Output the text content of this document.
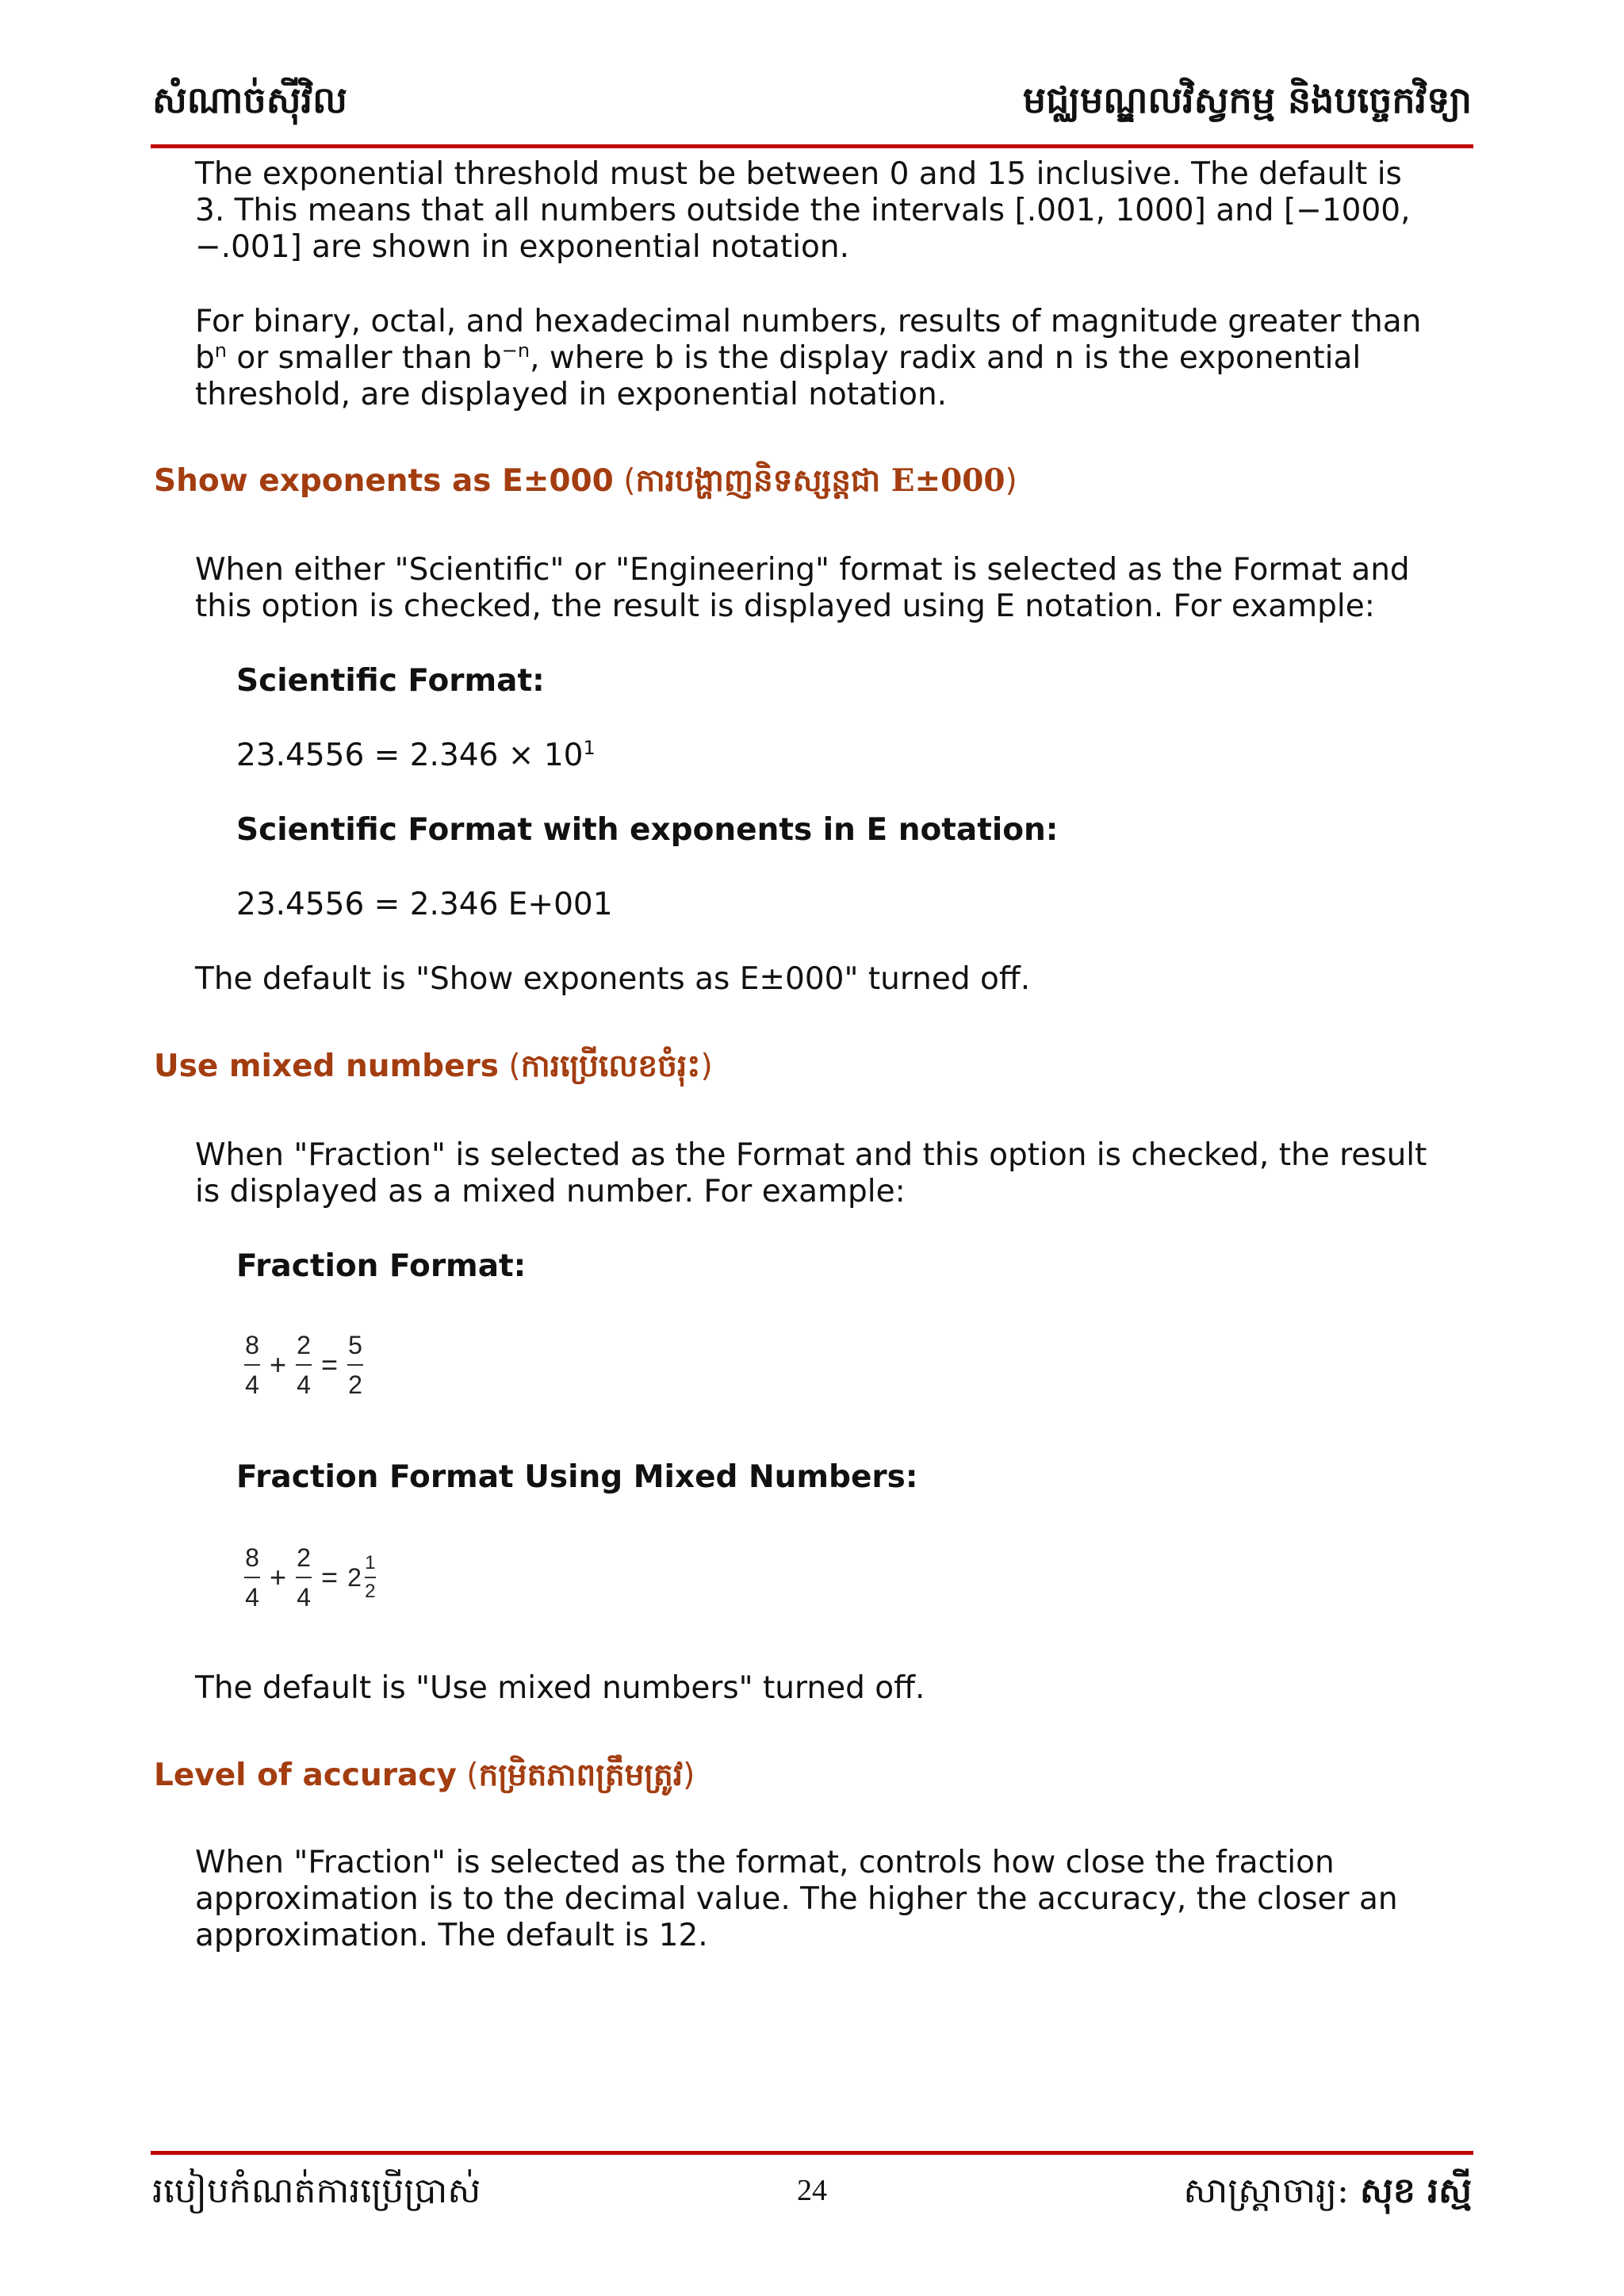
សំណាច់ស៊ីវិល	មជ្ឈមណ្ឌលវិស្វកម្ម និងបច្ចេកវិទ្យា

The exponential threshold must be between 0 and 15 inclusive. The default is 3. This means that all numbers outside the intervals [.001, 1000] and [−1000, −.001] are shown in exponential notation.

For binary, octal, and hexadecimal numbers, results of magnitude greater than $b^n$ or smaller than $b^{-n}$, where b is the display radix and n is the exponential threshold, are displayed in exponential notation.

Show exponents as E±000 (ការបង្ហាញនិទស្សន្តជា E±000)

When either "Scientific" or "Engineering" format is selected as the Format and this option is checked, the result is displayed using E notation. For example:

Scientific Format:

$23.4556 = 2.346 \times 10^1$

Scientific Format with exponents in E notation:

23.4556 = 2.346 E+001

The default is "Show exponents as E±000" turned off.

Use mixed numbers (ការប្រើលេខចំរុះ)

When "Fraction" is selected as the Format and this option is checked, the result is displayed as a mixed number. For example:

Fraction Format:

8
4
+
2
4
=
5
2

Fraction Format Using Mixed Numbers:

8
4
+
2
4
= 2 1
2

The default is "Use mixed numbers" turned off.

Level of accuracy (កម្រិតភាពត្រឹមត្រូវ)

When "Fraction" is selected as the format, controls how close the fraction approximation is to the decimal value. The higher the accuracy, the closer an approximation. The default is 12.

របៀបកំណត់ការប្រើប្រាស់	24	សាស្ត្រាចារ្យ: សុខ រស្មី
